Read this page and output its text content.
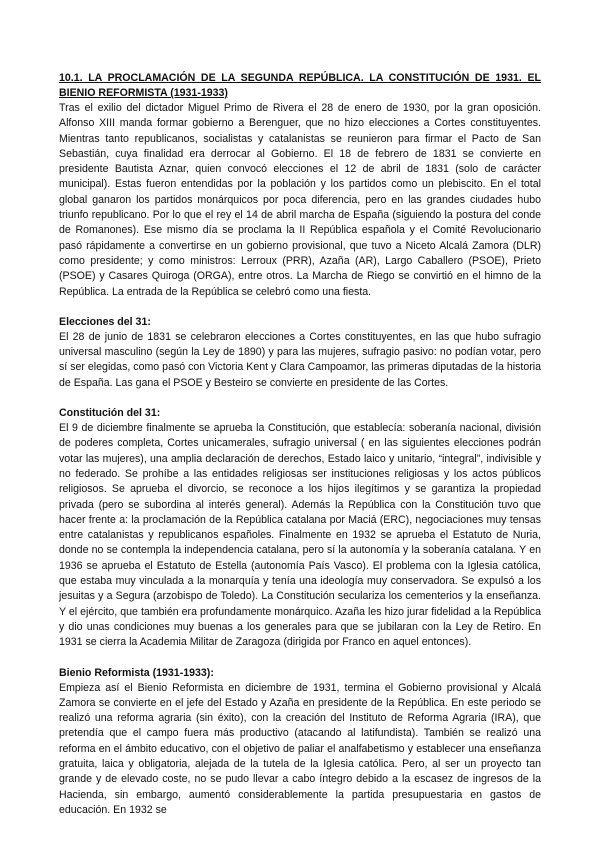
10.1. LA PROCLAMACIÓN DE LA SEGUNDA REPÚBLICA. LA CONSTITUCIÓN DE 1931. EL BIENIO REFORMISTA (1931-1933)

Tras el exilio del dictador Miguel Primo de Rivera el 28 de enero de 1930, por la gran oposición. Alfonso XIII manda formar gobierno a Berenguer, que no hizo elecciones a Cortes constituyentes. Mientras tanto republicanos, socialistas y catalanistas se reunieron para firmar el Pacto de San Sebastián, cuya finalidad era derrocar al Gobierno. El 18 de febrero de 1831 se convierte en presidente Bautista Aznar, quien convocó elecciones el 12 de abril de 1831 (solo de carácter municipal). Estas fueron entendidas por la población y los partidos como un plebiscito. En el total global ganaron los partidos monárquicos por poca diferencia, pero en las grandes ciudades hubo triunfo republicano. Por lo que el rey el 14 de abril marcha de España (siguiendo la postura del conde de Romanones). Ese mismo día se proclama la II República española y el Comité Revolucionario pasó rápidamente a convertirse en un gobierno provisional, que tuvo a Niceto Alcalá Zamora (DLR) como presidente; y como ministros: Lerroux (PRR), Azaña (AR), Largo Caballero (PSOE), Prieto (PSOE) y Casares Quiroga (ORGA), entre otros. La Marcha de Riego se convirtió en el himno de la República. La entrada de la República se celebró como una fiesta.

Elecciones del 31:

El 28 de junio de 1831 se celebraron elecciones a Cortes constituyentes, en las que hubo sufragio universal masculino (según la Ley de 1890) y para las mujeres, sufragio pasivo: no podían votar, pero sí ser elegidas, como pasó con Victoria Kent y Clara Campoamor, las primeras diputadas de la historia de España. Las gana el PSOE y Besteiro se convierte en presidente de las Cortes.

Constitución del 31:

El 9 de diciembre finalmente se aprueba la Constitución, que establecía: soberanía nacional, división de poderes completa, Cortes unicamerales, sufragio universal ( en las siguientes elecciones podrán votar las mujeres), una amplia declaración de derechos, Estado laico y unitario, “integral”, indivisible y no federado. Se prohíbe a las entidades religiosas ser instituciones religiosas y los actos públicos religiosos. Se aprueba el divorcio, se reconoce a los hijos ilegítimos y se garantiza la propiedad privada (pero se subordina al interés general). Además la República con la Constitución tuvo que hacer frente a: la proclamación de la República catalana por Maciá (ERC), negociaciones muy tensas entre catalanistas y republicanos españoles. Finalmente en 1932 se aprueba el Estatuto de Nuria, donde no se contempla la independencia catalana, pero sí la autonomía y la soberanía catalana. Y en 1936 se aprueba el Estatuto de Estella (autonomía País Vasco). El problema con la Iglesia católica, que estaba muy vinculada a la monarquía y tenía una ideología muy conservadora. Se expulsó a los jesuitas y a Segura (arzobispo de Toledo). La Constitución seculariza los cementerios y la enseñanza. Y el ejército, que también era profundamente monárquico. Azaña les hizo jurar fidelidad a la República y dio unas condiciones muy buenas a los generales para que se jubilaran con la Ley de Retiro. En 1931 se cierra la Academia Militar de Zaragoza (dirigida por Franco en aquel entonces).

Bienio Reformista (1931-1933):

Empieza así el Bienio Reformista en diciembre de 1931, termina el Gobierno provisional y Alcalá Zamora se convierte en el jefe del Estado y Azaña en presidente de la República. En este periodo se realizó una reforma agraria (sin éxito), con la creación del Instituto de Reforma Agraria (IRA), que pretendía que el campo fuera más productivo (atacando al latifundista). También se realizó una reforma en el ámbito educativo, con el objetivo de paliar el analfabetismo y establecer una enseñanza gratuita, laica y obligatoria, alejada de la tutela de la Iglesia católica. Pero, al ser un proyecto tan grande y de elevado coste, no se pudo llevar a cabo íntegro debido a la escasez de ingresos de la Hacienda, sin embargo, aumentó considerablemente la partida presupuestaria en gastos de educación. En 1932 se
